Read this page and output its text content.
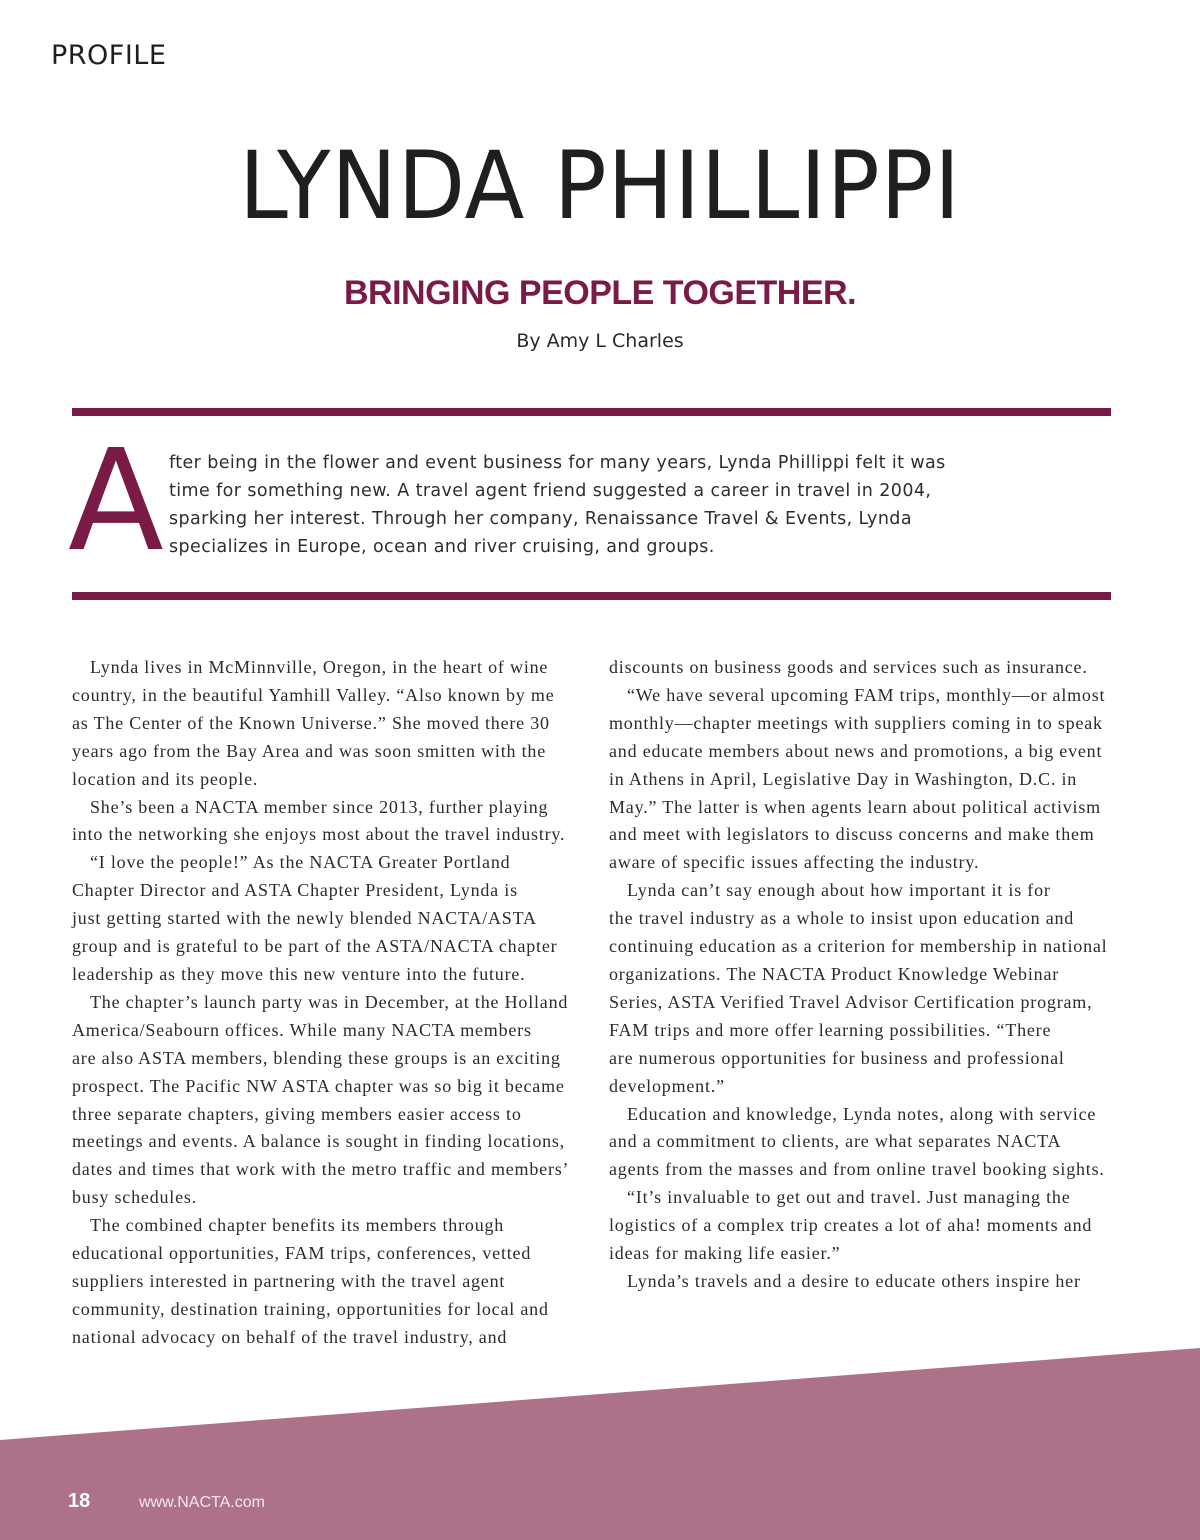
PROFILE
LYNDA PHILLIPPI
BRINGING PEOPLE TOGETHER.
By Amy L Charles
A fter being in the flower and event business for many years, Lynda Phillippi felt it was
time for something new. A travel agent friend suggested a career in travel in 2004,
sparking her interest. Through her company, Renaissance Travel & Events, Lynda
specializes in Europe, ocean and river cruising, and groups.
Lynda lives in McMinnville, Oregon, in the heart of wine
country, in the beautiful Yamhill Valley. “Also known by me
as The Center of the Known Universe.” She moved there 30
years ago from the Bay Area and was soon smitten with the
location and its people.
She’s been a NACTA member since 2013, further playing
into the networking she enjoys most about the travel industry.
“I love the people!” As the NACTA Greater Portland
Chapter Director and ASTA Chapter President, Lynda is
just getting started with the newly blended NACTA/ASTA
group and is grateful to be part of the ASTA/NACTA chapter
leadership as they move this new venture into the future.
The chapter’s launch party was in December, at the Holland
America/Seabourn offices. While many NACTA members
are also ASTA members, blending these groups is an exciting
prospect. The Pacific NW ASTA chapter was so big it became
three separate chapters, giving members easier access to
meetings and events. A balance is sought in finding locations,
dates and times that work with the metro traffic and members’
busy schedules.
The combined chapter benefits its members through
educational opportunities, FAM trips, conferences, vetted
suppliers interested in partnering with the travel agent
community, destination training, opportunities for local and
national advocacy on behalf of the travel industry, and
discounts on business goods and services such as insurance.
“We have several upcoming FAM trips, monthly—or almost
monthly—chapter meetings with suppliers coming in to speak
and educate members about news and promotions, a big event
in Athens in April, Legislative Day in Washington, D.C. in
May.” The latter is when agents learn about political activism
and meet with legislators to discuss concerns and make them
aware of specific issues affecting the industry.
Lynda can’t say enough about how important it is for
the travel industry as a whole to insist upon education and
continuing education as a criterion for membership in national
organizations. The NACTA Product Knowledge Webinar
Series, ASTA Verified Travel Advisor Certification program,
FAM trips and more offer learning possibilities. “There
are numerous opportunities for business and professional
development.”
Education and knowledge, Lynda notes, along with service
and a commitment to clients, are what separates NACTA
agents from the masses and from online travel booking sights.
“It’s invaluable to get out and travel. Just managing the
logistics of a complex trip creates a lot of aha! moments and
ideas for making life easier.”
Lynda’s travels and a desire to educate others inspire her
18	www.NACTA.com
